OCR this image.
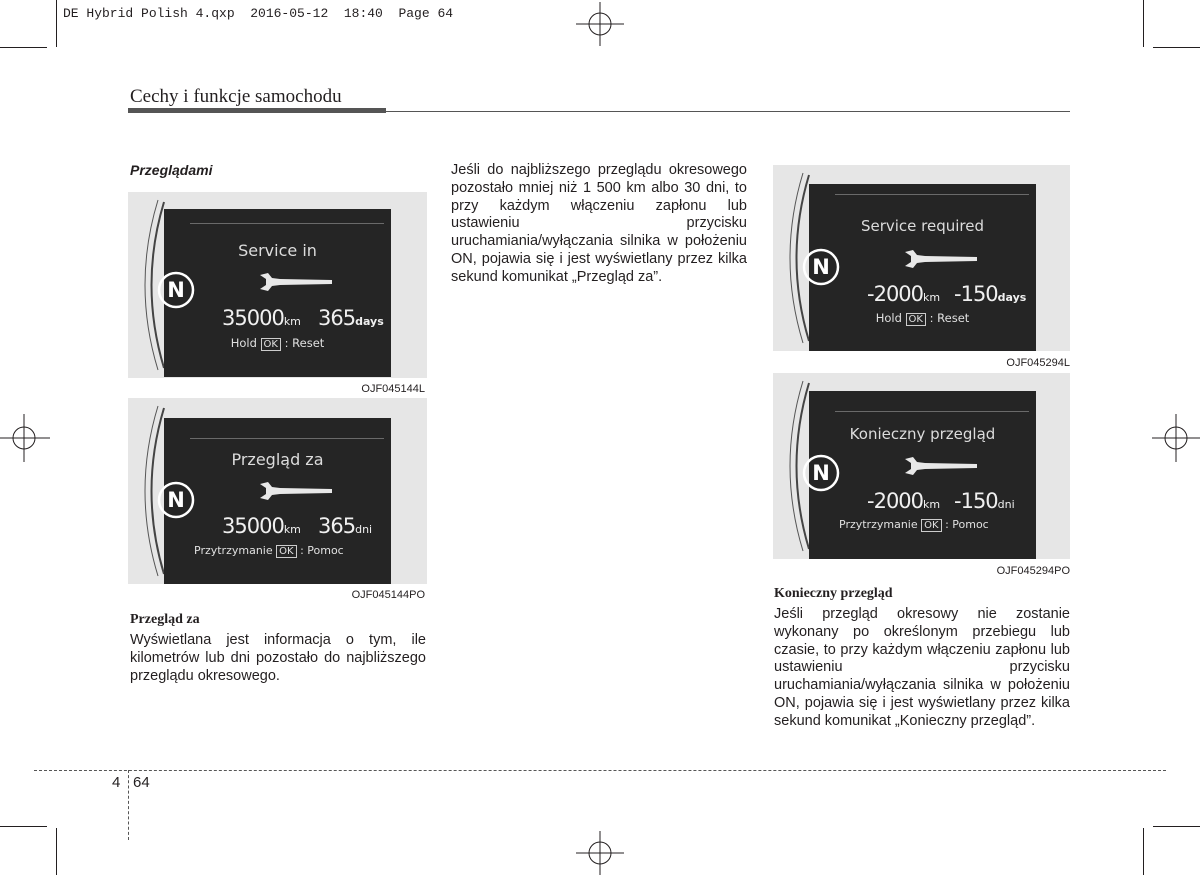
DE Hybrid Polish 4.qxp  2016-05-12  18:40  Page 64
Cechy i funkcje samochodu
Przeglądami
Service in
N
35000km 365days
Hold OK : Reset
OJF045144L
Przegląd za
N
35000km 365dni
Przytrzymanie OK : Pomoc
OJF045144PO
Przegląd za
Wyświetlana jest informacja o tym, ile kilometrów lub dni pozostało do najbliższego przeglądu okresowego.
Jeśli do najbliższego przeglądu okresowego pozostało mniej niż 1 500 km albo 30 dni, to przy każdym włączeniu zapłonu lub ustawieniu przycisku uruchamiania/wyłączania silnika w położeniu ON, pojawia się i jest wyświetlany przez kilka sekund komunikat „Przegląd za”.
Service required
N
-2000km -150days
Hold OK : Reset
OJF045294L
Konieczny przegląd
N
-2000km -150dni
Przytrzymanie OK : Pomoc
OJF045294PO
Konieczny przegląd
Jeśli przegląd okresowy nie zostanie wykonany po określonym przebiegu lub czasie, to przy każdym włączeniu zapłonu lub ustawieniu przycisku uruchamiania/wyłączania silnika w położeniu ON, pojawia się i jest wyświetlany przez kilka sekund komunikat „Konieczny przegląd”.
4 64
